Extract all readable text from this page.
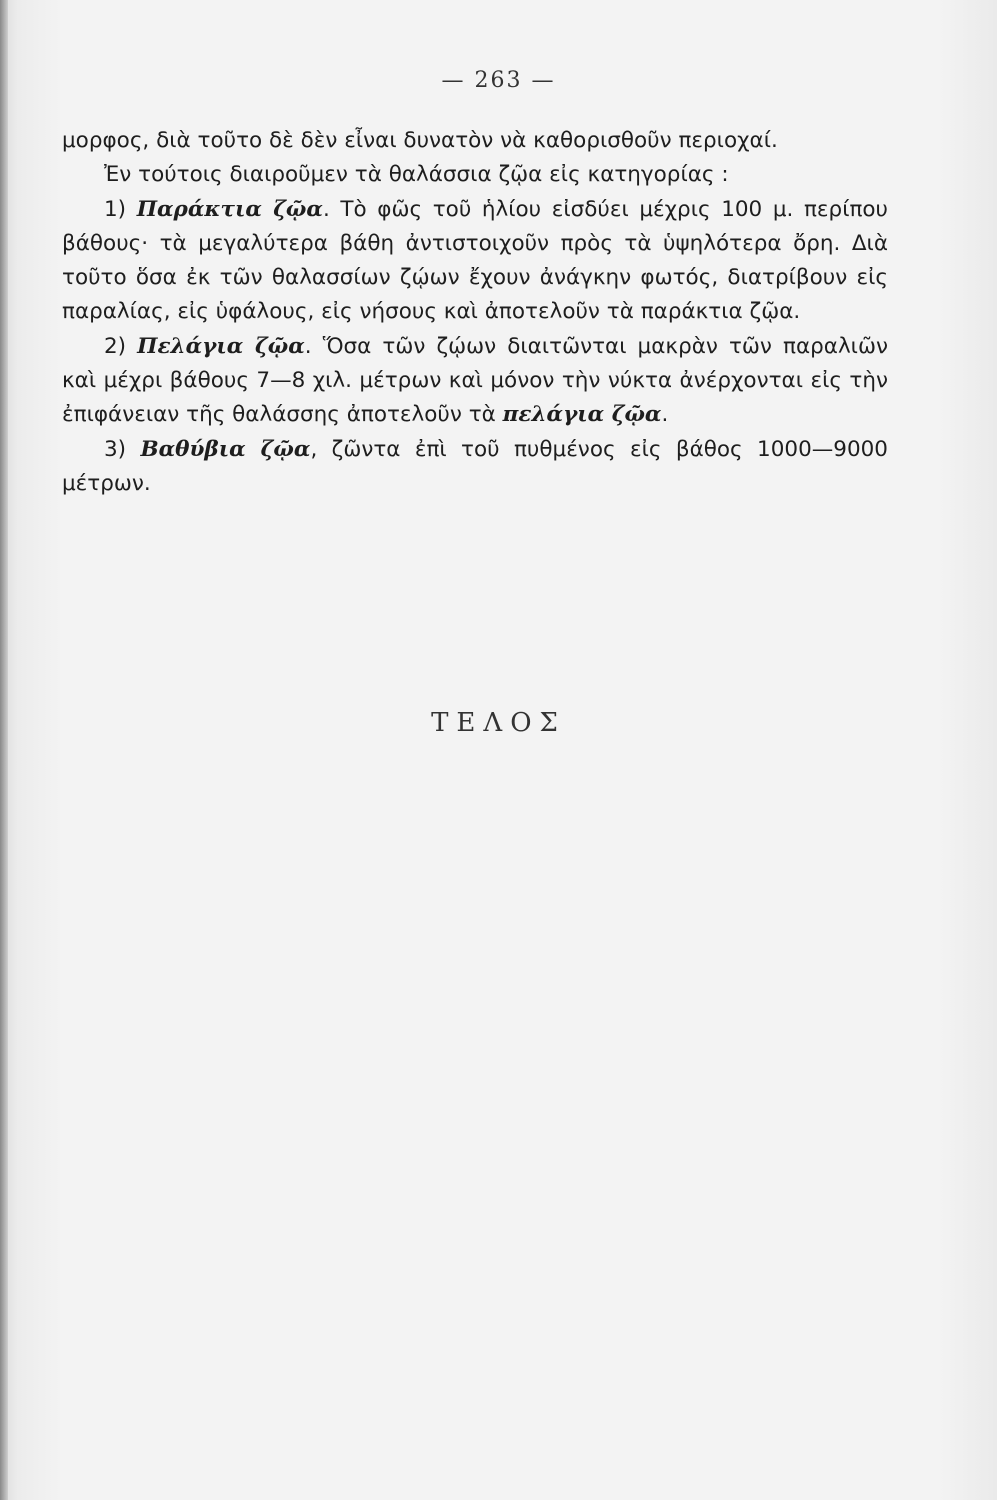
— 263 —

μορφος, διὰ τοῦτο δὲ δὲν εἶναι δυνατὸν νὰ καθορισθοῦν περιοχαί.

Ἐν τούτοις διαιροῦμεν τὰ θαλάσσια ζῷα εἰς κατηγορίας :

1) Παράκτια ζῷα. Τὸ φῶς τοῦ ἡλίου εἰσδύει μέχρις 100 μ. περίπου βάθους· τὰ μεγαλύτερα βάθη ἀντιστοιχοῦν πρὸς τὰ ὑψηλότερα ὄρη. Διὰ τοῦτο ὅσα ἐκ τῶν θαλασσίων ζῴων ἔχουν ἀνάγκην φωτός, διατρίβουν εἰς παραλίας, εἰς ὑφάλους, εἰς νήσους καὶ ἀποτελοῦν τὰ παράκτια ζῷα.

2) Πελάγια ζῷα. Ὅσα τῶν ζῴων διαιτῶνται μακρὰν τῶν παραλιῶν καὶ μέχρι βάθους 7—8 χιλ. μέτρων καὶ μόνον τὴν νύκτα ἀνέρχονται εἰς τὴν ἐπιφάνειαν τῆς θαλάσσης ἀποτελοῦν τὰ πελάγια ζῷα.

3) Βαθύβια ζῷα, ζῶντα ἐπὶ τοῦ πυθμένος εἰς βάθος 1000—9000 μέτρων.

ΤΕΛΟΣ
